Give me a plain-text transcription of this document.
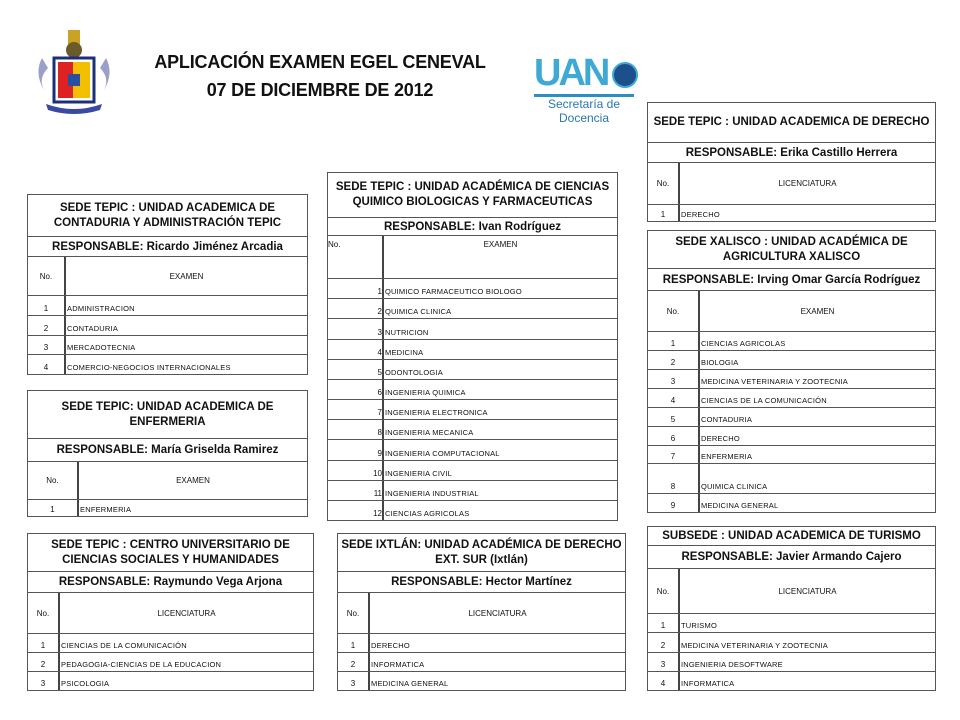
APLICACIÓN EXAMEN EGEL CENEVAL
07 DE DICIEMBRE DE 2012	UAN
Secretaría de
Docencia
SEDE TEPIC : UNIDAD ACADEMICA DE CONTADURIA Y ADMINISTRACIÓN TEPIC
RESPONSABLE: Ricardo Jiménez Arcadia
No.	EXAMEN
1	ADMINISTRACION
2	CONTADURIA
3	MERCADOTECNIA
4	COMERCIO-NEGOCIOS INTERNACIONALES
SEDE TEPIC: UNIDAD ACADEMICA DE ENFERMERIA
RESPONSABLE: María Griselda Ramirez
No.	EXAMEN
1	ENFERMERIA
SEDE TEPIC : UNIDAD ACADÉMICA DE CIENCIAS QUIMICO BIOLOGICAS Y FARMACEUTICAS
RESPONSABLE: Ivan Rodríguez
No.	EXAMEN
1 QUIMICO FARMACEUTICO BIOLOGO
2 QUIMICA CLINICA
3 NUTRICION
4 MEDICINA
5 ODONTOLOGIA
6 INGENIERIA QUIMICA
7 INGENIERIA ELECTRONICA
8 INGENIERIA MECANICA
9 INGENIERIA COMPUTACIONAL
10 INGENIERIA CIVIL
11 INGENIERIA INDUSTRIAL
12 CIENCIAS AGRICOLAS
SEDE TEPIC : UNIDAD ACADEMICA DE DERECHO
RESPONSABLE: Erika Castillo Herrera
No.	LICENCIATURA
1	DERECHO
SEDE XALISCO : UNIDAD ACADÉMICA DE AGRICULTURA XALISCO
RESPONSABLE: Irving Omar García Rodríguez
No.	EXAMEN
1	CIENCIAS AGRICOLAS
2	BIOLOGIA
3	MEDICINA VETERINARIA Y ZOOTECNIA
4	CIENCIAS DE LA COMUNICACIÓN
5	CONTADURIA
6	DERECHO
7	ENFERMERIA
8	QUIMICA CLINICA
9	MEDICINA GENERAL
SEDE TEPIC : CENTRO UNIVERSITARIO DE CIENCIAS SOCIALES Y HUMANIDADES
RESPONSABLE: Raymundo Vega Arjona
No.	LICENCIATURA
1	CIENCIAS DE LA COMUNICACIÓN
2	PEDAGOGIA-CIENCIAS DE LA EDUCACION
3	PSICOLOGIA
SEDE IXTLÁN: UNIDAD ACADÉMICA DE DERECHO EXT. SUR (Ixtlán)
RESPONSABLE: Hector Martínez
No.	LICENCIATURA
1	DERECHO
2	INFORMATICA
3	MEDICINA GENERAL
SUBSEDE : UNIDAD ACADEMICA DE TURISMO
RESPONSABLE: Javier Armando Cajero
No.	LICENCIATURA
1	TURISMO
2	MEDICINA VETERINARIA Y ZOOTECNIA
3	INGENIERIA DESOFTWARE
4	INFORMATICA
